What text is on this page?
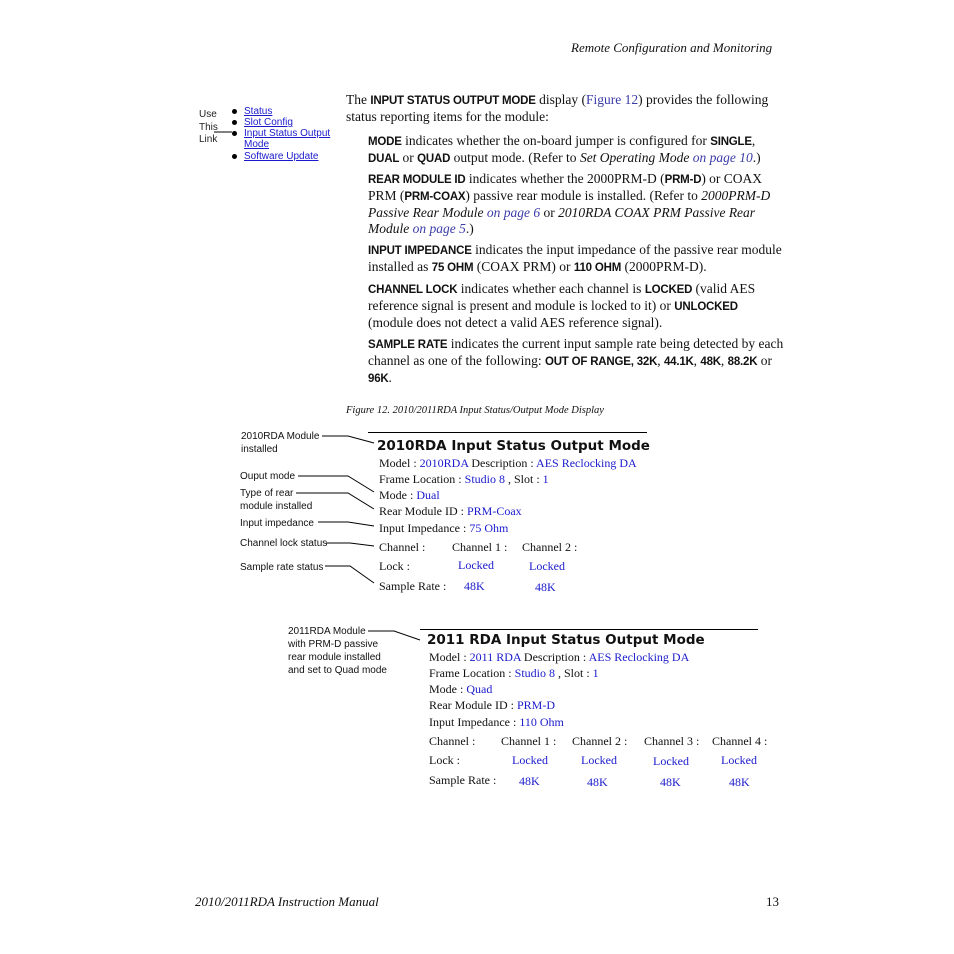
Remote Configuration and Monitoring
Use
This
Link
Status
Slot Config
Input Status Output
Mode
Software Update
The INPUT STATUS OUTPUT MODE display (Figure 12) provides the following status reporting items for the module:
MODE indicates whether the on-board jumper is configured for SINGLE, DUAL or QUAD output mode. (Refer to Set Operating Mode on page 10.)
REAR MODULE ID indicates whether the 2000PRM-D (PRM-D) or COAX PRM (PRM-COAX) passive rear module is installed. (Refer to 2000PRM-D Passive Rear Module on page 6 or 2010RDA COAX PRM Passive Rear Module on page 5.)
INPUT IMPEDANCE indicates the input impedance of the passive rear module installed as 75 OHM (COAX PRM) or 110 OHM (2000PRM-D).
CHANNEL LOCK indicates whether each channel is LOCKED (valid AES reference signal is present and module is locked to it) or UNLOCKED (module does not detect a valid AES reference signal).
SAMPLE RATE indicates the current input sample rate being detected by each channel as one of the following: OUT OF RANGE, 32K, 44.1K, 48K, 88.2K or 96K.
Figure 12. 2010/2011RDA Input Status/Output Mode Display
2010RDA Module
installed
Ouput mode
Type of rear
module installed
Input impedance
Channel lock status
Sample rate status
2011RDA Module
with PRM-D passive
rear module installed
and set to Quad mode
2010RDA Input Status Output Mode
Model : 2010RDA Description : AES Reclocking DA
Frame Location : Studio 8 , Slot : 1
Mode : Dual
Rear Module ID : PRM-Coax
Input Impedance : 75 Ohm
Channel : Channel 1 : Channel 2 :
Lock :	Locked	Locked
Sample Rate : 48K	48K
2011 RDA Input Status Output Mode
Model : 2011 RDA Description : AES Reclocking DA
Frame Location : Studio 8 , Slot : 1
Mode : Quad
Rear Module ID : PRM-D
Input Impedance : 110 Ohm
Channel : Channel 1 : Channel 2 : Channel 3 : Channel 4 :
Lock :	Locked	Locked	Locked	Locked
Sample Rate : 48K	48K	48K	48K
2010/2011RDA Instruction Manual	13
